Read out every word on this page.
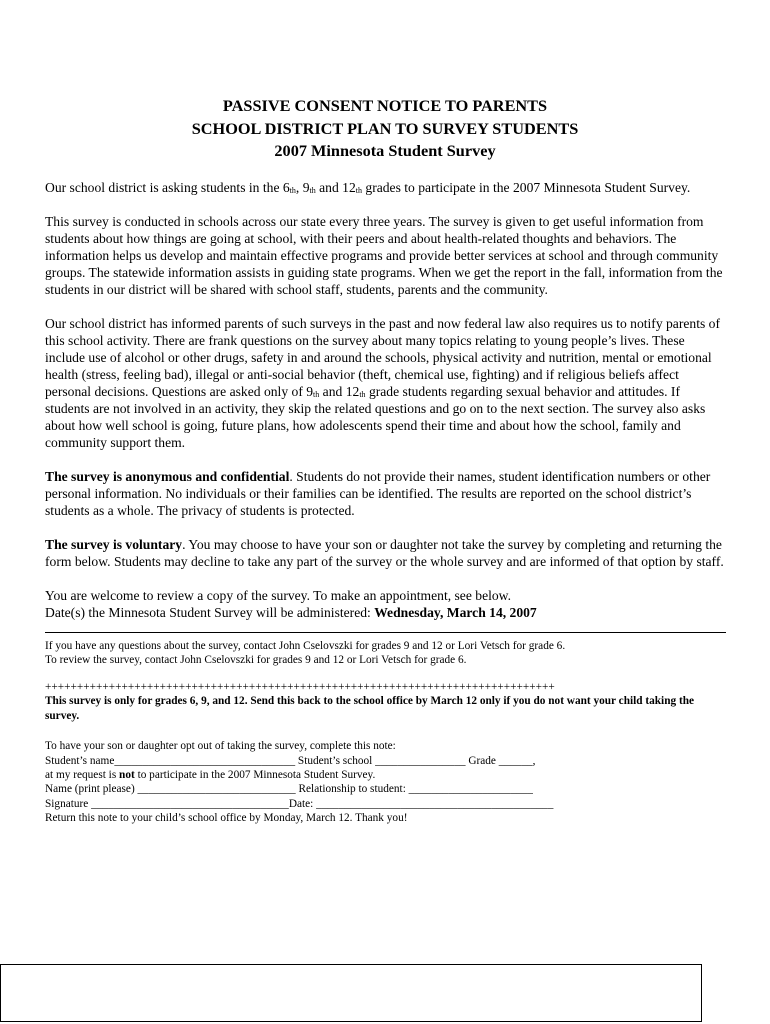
PASSIVE CONSENT NOTICE TO PARENTS

SCHOOL DISTRICT PLAN TO SURVEY STUDENTS

2007 Minnesota Student Survey

Our school district is asking students in the $6_{th}$, $9_{th}$ and $12_{th}$ grades to participate in the 2007 Minnesota Student Survey.

This survey is conducted in schools across our state every three years. The survey is given to get useful information from students about how things are going at school, with their peers and about health-related thoughts and behaviors. The information helps us develop and maintain effective programs and provide better services at school and through community groups. The statewide information assists in guiding state programs. When we get the report in the fall, information from the students in our district will be shared with school staff, students, parents and the community.

Our school district has informed parents of such surveys in the past and now federal law also requires us to notify parents of this school activity. There are frank questions on the survey about many topics relating to young people’s lives. These include use of alcohol or other drugs, safety in and around the schools, physical activity and nutrition, mental or emotional health (stress, feeling bad), illegal or anti-social behavior (theft, chemical use, fighting) and if religious beliefs affect personal decisions. Questions are asked only of $9_{th}$ and $12_{th}$ grade students regarding sexual behavior and attitudes. If students are not involved in an activity, they skip the related questions and go on to the next section. The survey also asks about how well school is going, future plans, how adolescents spend their time and about how the school, family and community support them.

The survey is anonymous and confidential. Students do not provide their names, student identification numbers or other personal information. No individuals or their families can be identified. The results are reported on the school district’s students as a whole. The privacy of students is protected.

The survey is voluntary. You may choose to have your son or daughter not take the survey by completing and returning the form below. Students may decline to take any part of the survey or the whole survey and are informed of that option by staff.

You are welcome to review a copy of the survey. To make an appointment, see below.

Date(s) the Minnesota Student Survey will be administered: Wednesday, March 14, 2007

If you have any questions about the survey, contact John Cselovszki for grades 9 and 12 or Lori Vetsch for grade 6.

To review the survey, contact John Cselovszki for grades 9 and 12 or Lori Vetsch for grade 6.

++++++++++++++++++++++++++++++++++++++++++++++++++++++++++++++++++++++++++++++++

This survey is only for grades 6, 9, and 12. Send this back to the school office by March 12 only if you do not want your child taking the survey.

To have your son or daughter opt out of taking the survey, complete this note:

Student’s name________________________________ Student’s school ________________ Grade ______,

at my request is not to participate in the 2007 Minnesota Student Survey.

Name (print please) ____________________________ Relationship to student: ______________________

Signature ___________________________________Date: __________________________________________

Return this note to your child’s school office by Monday, March 12. Thank you!
